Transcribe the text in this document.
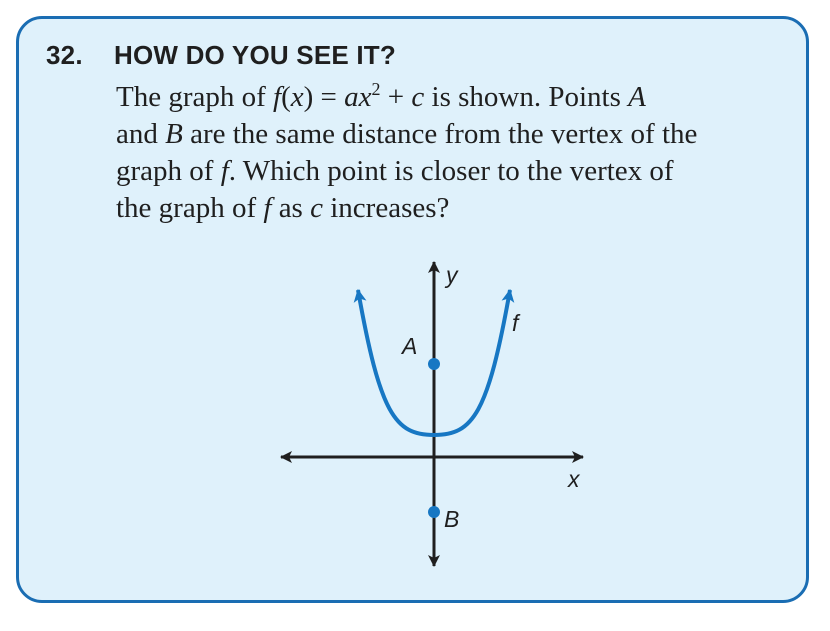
32. HOW DO YOU SEE IT?
The graph of $f(x) = ax^2 + c$ is shown. Points A
and B are the same distance from the vertex of the
graph of f. Which point is closer to the vertex of
the graph of f as c increases?
y
x
f
A
B
